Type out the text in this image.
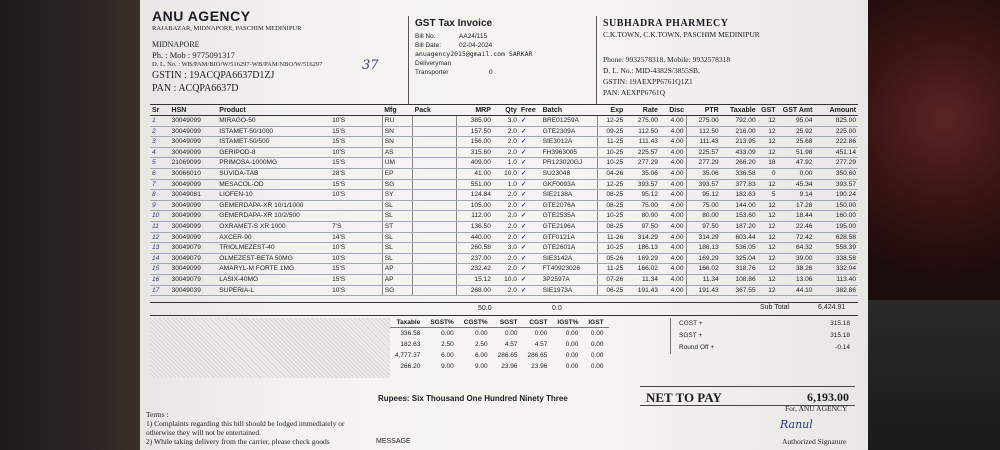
ANU AGENCY
RAJABAZAR, MIDNAPORE, PASCHIM MEDINIPUR
MIDNAPORE
Ph. : Mob : 9775091317
D. L. No. : WB/PAM/BIO/W/516297-WB/PAM/NBO/W/516297
GSTIN : 19ACQPA6637D1ZJ
PAN : ACQPA6637D
37
GST Tax Invoice
Bill No.	AA24/115
Bill Date:	02-04-2024
anuagency2015@gmail.com SARKAR
Deliveryman
Transporter	0
SUBHADRA PHARMECY
C.K.TOWN, C.K.TOWN, PASCHIM MEDINIPUR
Phone: 9932578318, Mobile: 9932578318
D. L. No.: MID-4382S/3855SB,
GSTIN: 19AEXPP6761Q1Z1
PAN: AEXPP6761Q
Sr	HSN	Product		Mfg	Pack	MRP	Qty	Free	Batch	Exp	Rate	Disc	PTR	Taxable	GST	GST Amt	Amount
1	30049099	MIRAGO-50	10'S	RU		385.00	3.0	✓	BRE01259A	12-25	275.00	4.00	275.00	792.00	12	95.04	825.00
2	30049099	ISTAMET-50/1000	15'S	SN		157.50	2.0	✓	GTE2309A	09-25	112.50	4.00	112.50	216.00	12	25.92	225.00
3	30049099	ISTAMET-50/500	15'S	SN		156.00	2.0	✓	SIE3012A	11-25	111.43	4.00	111.43	213.95	12	25.68	222.86
4	30049099	GERIPOD-8	10'S	AS		315.60	2.0	✓	FH3963005	10-25	225.57	4.00	225.57	433.09	12	51.98	451.14
5	21069099	PRIMOSA-1000MG	15'S	UM		409.00	1.0	✓	PR123020GJ	10-25	277.29	4.00	277.29	266.20	18	47.92	277.29
6	30066010	SUVIDA-TAB	28'S	EP		41.00	10.0	✓	SU23048	04-26	35.06	4.00	35.06	336.58	0	0.00	350.60
7	30049099	MESACOL-OD	15'S	SG		551.00	1.0	✓	GKF0093A	12-25	393.57	4.00	393.57	377.83	12	45.34	393.57
8	30049081	LIOFEN-10	10'S	SY		124.84	2.0	✓	SIE2138A	08-25	95.12	4.00	95.12	182.63	5	9.14	190.24
9	30049099	GEMERDAPA-XR 10/1/1000		SL		105.00	2.0	✓	GTE2076A	08-25	75.00	4.00	75.00	144.00	12	17.28	150.00
10	30049099	GEMERDAPA-XR 10/2/500		SL		112.00	2.0	✓	GTE2535A	10-25	80.00	4.00	80.00	153.60	12	18.44	160.00
11	30049099	OXRAMET-S XR 1000	7'S	ST		136.50	2.0	✓	GTE2196A	08-25	97.50	4.00	97.50	187.20	12	22.46	195.00
12	30049099	AXCER-90	14'S	SL		440.00	2.0	✓	GTF0121A	11-26	314.29	4.00	314.29	603.44	12	72.42	628.58
13	30049079	TRIOLMEZEST-40	10'S	SL		260.58	3.0	✓	GTE2601A	10-25	186.13	4.00	186.13	536.05	12	64.32	558.39
14	30049079	OLMEZEST-BETA 50MG	10'S	SL		237.00	2.0	✓	SIE3142A	05-26	169.29	4.00	169.29	325.04	12	39.00	338.58
15	30049099	AMARYL-M FORTE 1MG	15'S	AP		232.42	2.0	✓	FT40923026	11-25	166.02	4.00	166.02	318.76	12	38.26	332.04
16	30049079	LASIX-40MG	15'S	AP		15.12	10.0	✓	3P2597A	07-26	11.34	4.00	11.34	108.86	12	13.06	113.40
17	30049039	SUPERIA-L	10'S	SG		268.00	2.0	✓	SIE1973A	06-25	191.43	4.00	191.43	367.55	12	44.10	382.86
50.0	0.0	Sub Total	6,424.91
Taxable	SGST%	CGST%	SGST	CGST	IGST%	IGST
336.58	0.00	0.00	0.00	0.00	0.00	0.00
182.63	2.50	2.50	4.57	4.57	0.00	0.00
4,777.37	6.00	6.00	286.65	286.65	0.00	0.00
266.20	9.00	9.00	23.96	23.96	0.00	0.00
CGST +	315.18
SGST +	315.18
Round Off +	-0.14
Rupees: Six Thousand One Hundred Ninety Three	NET TO PAY	6,193.00
For, ANU AGENCY
Ranul
Authorized Signature
Terms :
1) Complaints regarding this bill should be lodged immediately or
otherwise they will not be entertained.
2) While taking delivery from the carrier, please check goods	MESSAGE
